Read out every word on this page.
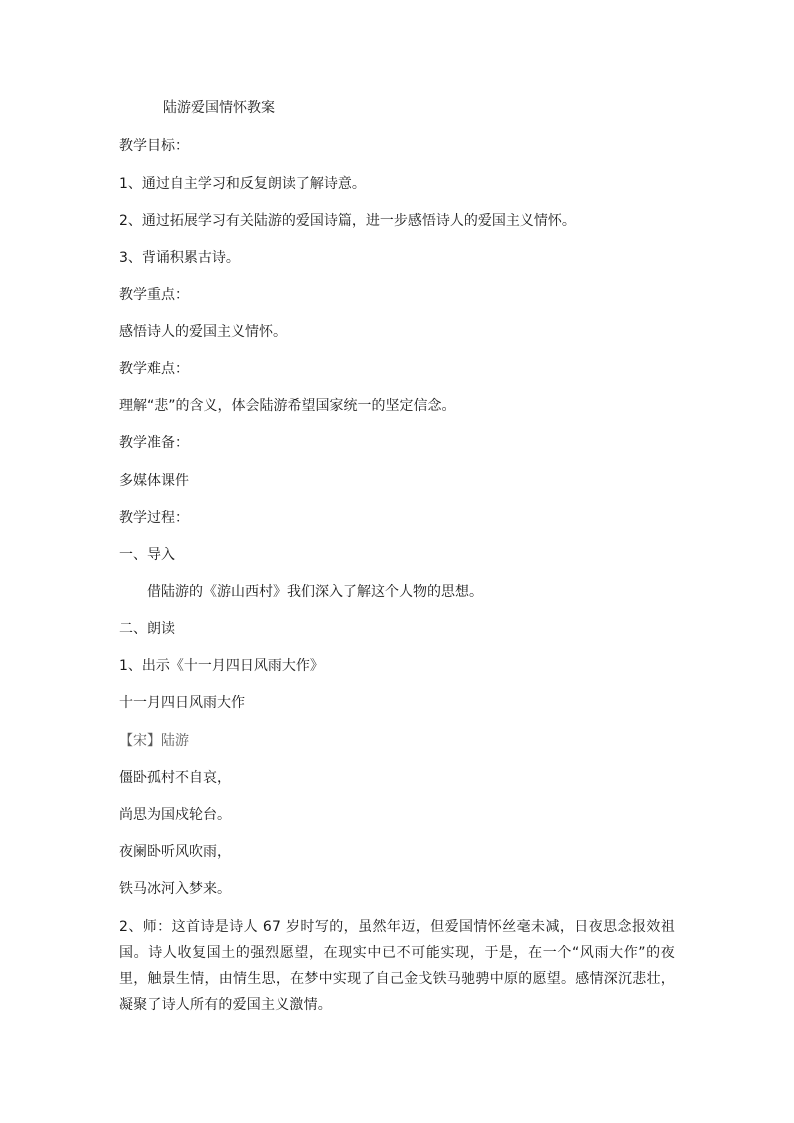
陆游爱国情怀教案
教学目标：
1、通过自主学习和反复朗读了解诗意。
2、通过拓展学习有关陆游的爱国诗篇，进一步感悟诗人的爱国主义情怀。
3、背诵积累古诗。
教学重点：
感悟诗人的爱国主义情怀。
教学难点：
理解“悲”的含义，体会陆游希望国家统一的坚定信念。
教学准备：
多媒体课件
教学过程：
一、导入
借陆游的《游山西村》我们深入了解这个人物的思想。
二、朗读
1、出示《十一月四日风雨大作》
十一月四日风雨大作
【宋】陆游
僵卧孤村不自哀，
尚思为国戍轮台。
夜阑卧听风吹雨，
铁马冰河入梦来。
2、师：这首诗是诗人 67 岁时写的，虽然年迈，但爱国情怀丝毫未减，日夜思念报效祖国。诗人收复国土的强烈愿望，在现实中已不可能实现，于是，在一个“风雨大作”的夜里，触景生情，由情生思，在梦中实现了自己金戈铁马驰骋中原的愿望。感情深沉悲壮，凝聚了诗人所有的爱国主义激情。
